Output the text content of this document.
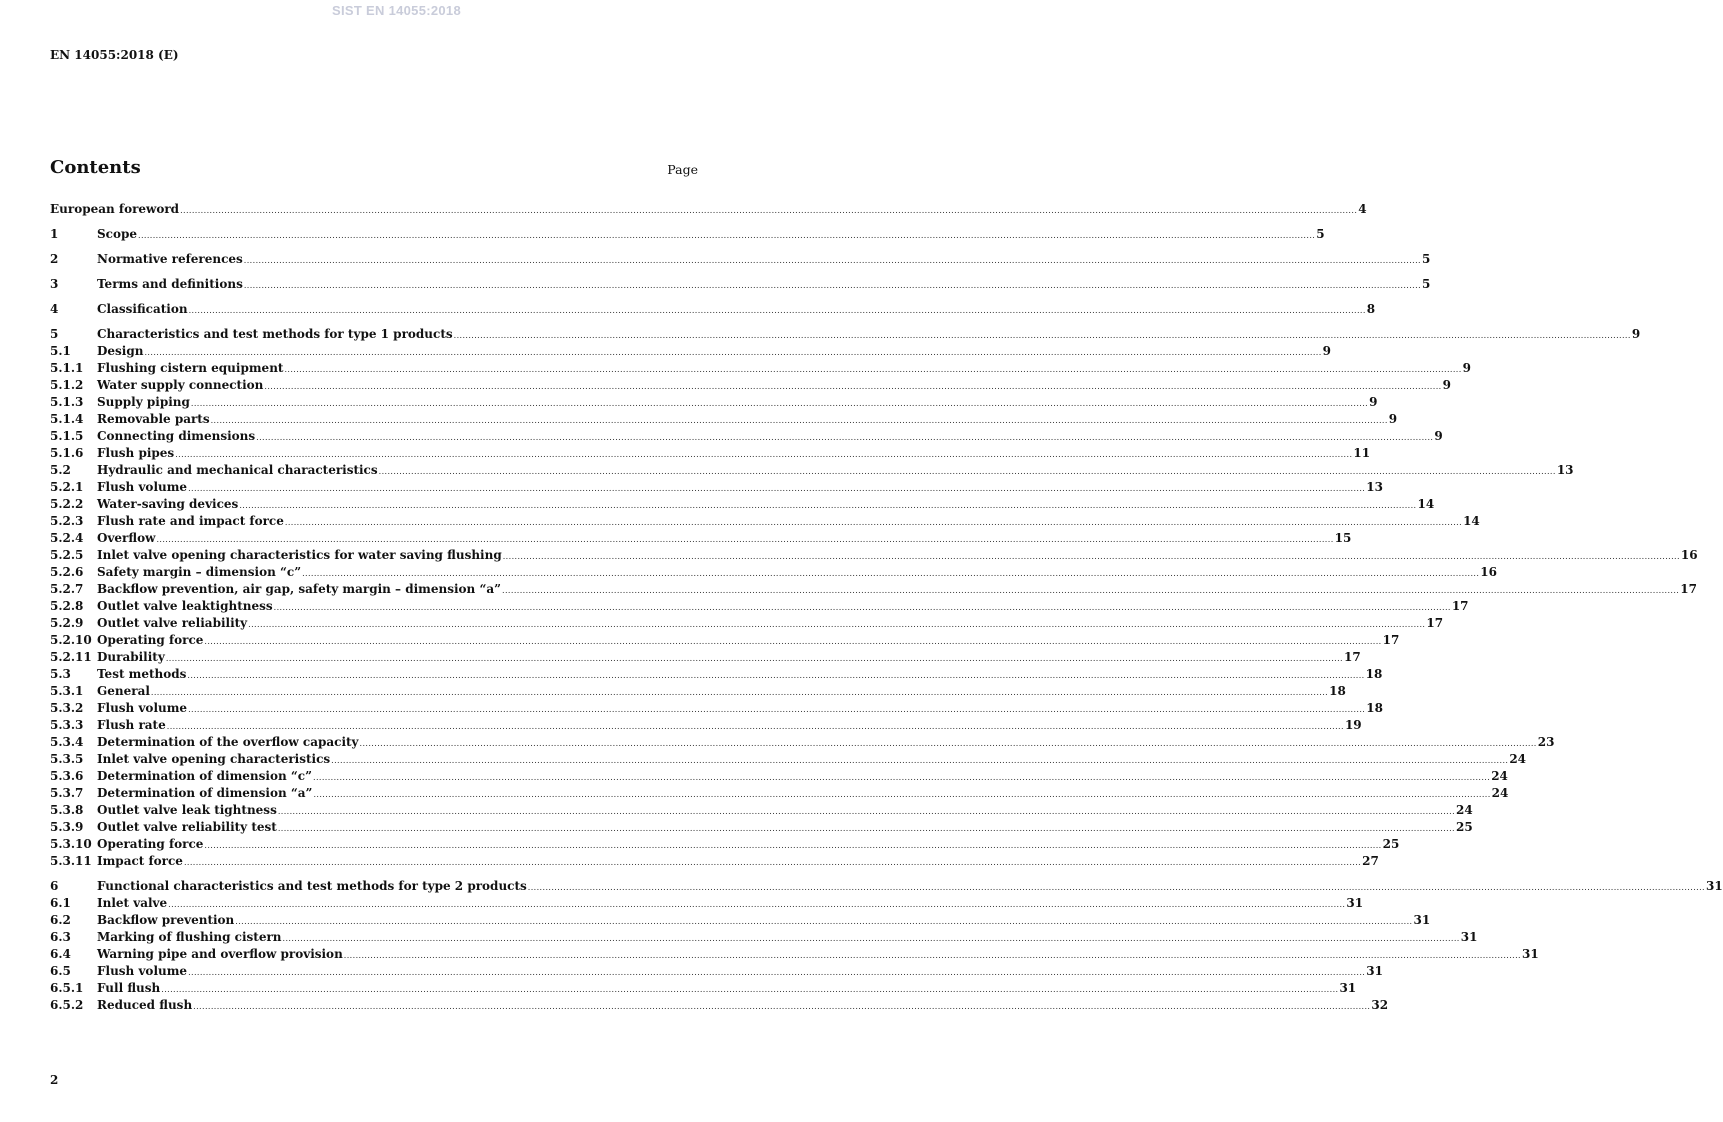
SIST EN 14055:2018
EN 14055:2018 (E)
Contents	Page
European foreword ................................................................................................................................................................................................................................................................................................................................................................................................................ 4
1	Scope ................................................................................................................................................................................................................................................................................................................................................................................................................ 5
2	Normative references ................................................................................................................................................................................................................................................................................................................................................................................................................ 5
3	Terms and definitions ................................................................................................................................................................................................................................................................................................................................................................................................................ 5
4	Classification ................................................................................................................................................................................................................................................................................................................................................................................................................ 8
5	Characteristics and test methods for type 1 products ................................................................................................................................................................................................................................................................................................................................................................................................................ 9
5.1	Design ................................................................................................................................................................................................................................................................................................................................................................................................................ 9
5.1.1	Flushing cistern equipment ................................................................................................................................................................................................................................................................................................................................................................................................................ 9
5.1.2	Water supply connection ................................................................................................................................................................................................................................................................................................................................................................................................................ 9
5.1.3	Supply piping ................................................................................................................................................................................................................................................................................................................................................................................................................ 9
5.1.4	Removable parts ................................................................................................................................................................................................................................................................................................................................................................................................................ 9
5.1.5	Connecting dimensions ................................................................................................................................................................................................................................................................................................................................................................................................................ 9
5.1.6	Flush pipes ................................................................................................................................................................................................................................................................................................................................................................................................................ 11
5.2	Hydraulic and mechanical characteristics ................................................................................................................................................................................................................................................................................................................................................................................................................ 13
5.2.1	Flush volume ................................................................................................................................................................................................................................................................................................................................................................................................................ 13
5.2.2	Water-saving devices ................................................................................................................................................................................................................................................................................................................................................................................................................ 14
5.2.3	Flush rate and impact force ................................................................................................................................................................................................................................................................................................................................................................................................................ 14
5.2.4	Overflow ................................................................................................................................................................................................................................................................................................................................................................................................................ 15
5.2.5	Inlet valve opening characteristics for water saving flushing ................................................................................................................................................................................................................................................................................................................................................................................................................ 16
5.2.6	Safety margin – dimension “c” ................................................................................................................................................................................................................................................................................................................................................................................................................ 16
5.2.7	Backflow prevention, air gap, safety margin – dimension “a” ................................................................................................................................................................................................................................................................................................................................................................................................................ 17
5.2.8	Outlet valve leaktightness ................................................................................................................................................................................................................................................................................................................................................................................................................ 17
5.2.9	Outlet valve reliability ................................................................................................................................................................................................................................................................................................................................................................................................................ 17
5.2.10 Operating force ................................................................................................................................................................................................................................................................................................................................................................................................................ 17
5.2.11 Durability ................................................................................................................................................................................................................................................................................................................................................................................................................ 17
5.3	Test methods ................................................................................................................................................................................................................................................................................................................................................................................................................ 18
5.3.1	General ................................................................................................................................................................................................................................................................................................................................................................................................................ 18
5.3.2	Flush volume ................................................................................................................................................................................................................................................................................................................................................................................................................ 18
5.3.3	Flush rate ................................................................................................................................................................................................................................................................................................................................................................................................................ 19
5.3.4	Determination of the overflow capacity ................................................................................................................................................................................................................................................................................................................................................................................................................ 23
5.3.5	Inlet valve opening characteristics ................................................................................................................................................................................................................................................................................................................................................................................................................ 24
5.3.6	Determination of dimension “c” ................................................................................................................................................................................................................................................................................................................................................................................................................ 24
5.3.7	Determination of dimension “a” ................................................................................................................................................................................................................................................................................................................................................................................................................ 24
5.3.8	Outlet valve leak tightness ................................................................................................................................................................................................................................................................................................................................................................................................................ 24
5.3.9	Outlet valve reliability test ................................................................................................................................................................................................................................................................................................................................................................................................................ 25
5.3.10 Operating force ................................................................................................................................................................................................................................................................................................................................................................................................................ 25
5.3.11 Impact force ................................................................................................................................................................................................................................................................................................................................................................................................................ 27
6	Functional characteristics and test methods for type 2 products ................................................................................................................................................................................................................................................................................................................................................................................................................ 31
6.1	Inlet valve ................................................................................................................................................................................................................................................................................................................................................................................................................ 31
6.2	Backflow prevention ................................................................................................................................................................................................................................................................................................................................................................................................................ 31
6.3	Marking of flushing cistern ................................................................................................................................................................................................................................................................................................................................................................................................................ 31
6.4	Warning pipe and overflow provision ................................................................................................................................................................................................................................................................................................................................................................................................................ 31
6.5	Flush volume ................................................................................................................................................................................................................................................................................................................................................................................................................ 31
6.5.1	Full flush ................................................................................................................................................................................................................................................................................................................................................................................................................ 31
6.5.2	Reduced flush ................................................................................................................................................................................................................................................................................................................................................................................................................ 32
2
